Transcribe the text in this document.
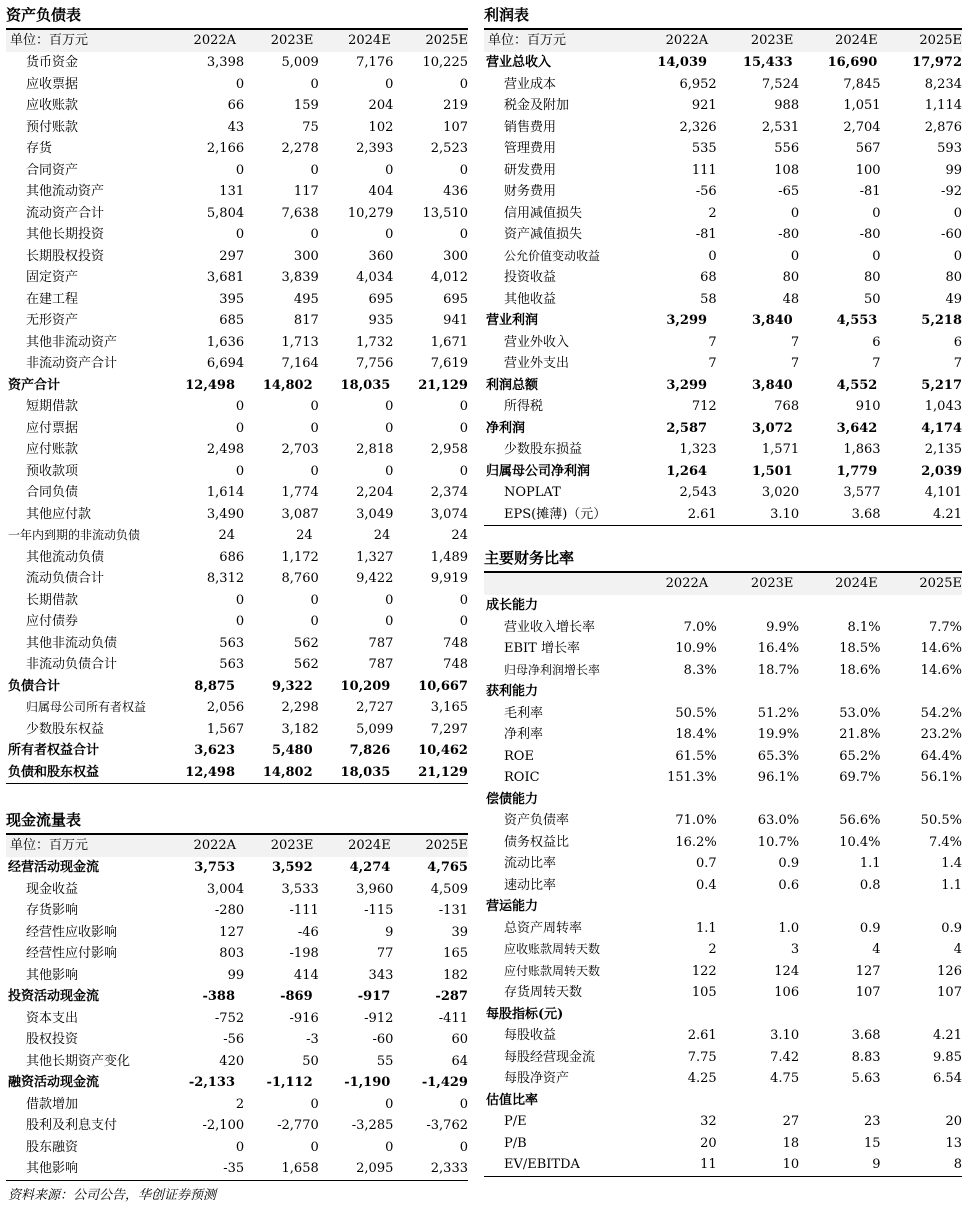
资产负债表
单位：百万元	2022A	2023E	2024E	2025E
货币资金	3,398	5,009	7,176	10,225
应收票据	0	0	0	0
应收账款	66	159	204	219
预付账款	43	75	102	107
存货	2,166	2,278	2,393	2,523
合同资产	0	0	0	0
其他流动资产	131	117	404	436
流动资产合计	5,804	7,638	10,279	13,510
其他长期投资	0	0	0	0
长期股权投资	297	300	360	300
固定资产	3,681	3,839	4,034	4,012
在建工程	395	495	695	695
无形资产	685	817	935	941
其他非流动资产	1,636	1,713	1,732	1,671
非流动资产合计	6,694	7,164	7,756	7,619
资产合计	12,498	14,802	18,035	21,129
短期借款	0	0	0	0
应付票据	0	0	0	0
应付账款	2,498	2,703	2,818	2,958
预收款项	0	0	0	0
合同负债	1,614	1,774	2,204	2,374
其他应付款	3,490	3,087	3,049	3,074
一年内到期的非流动负债	24	24	24	24
其他流动负债	686	1,172	1,327	1,489
流动负债合计	8,312	8,760	9,422	9,919
长期借款	0	0	0	0
应付债券	0	0	0	0
其他非流动负债	563	562	787	748
非流动负债合计	563	562	787	748
负债合计	8,875	9,322	10,209	10,667
归属母公司所有者权益	2,056	2,298	2,727	3,165
少数股东权益	1,567	3,182	5,099	7,297
所有者权益合计	3,623	5,480	7,826	10,462
负债和股东权益	12,498	14,802	18,035	21,129
现金流量表
单位：百万元	2022A	2023E	2024E	2025E
经营活动现金流	3,753	3,592	4,274	4,765
现金收益	3,004	3,533	3,960	4,509
存货影响	-280	-111	-115	-131
经营性应收影响	127	-46	9	39
经营性应付影响	803	-198	77	165
其他影响	99	414	343	182
投资活动现金流	-388	-869	-917	-287
资本支出	-752	-916	-912	-411
股权投资	-56	-3	-60	60
其他长期资产变化	420	50	55	64
融资活动现金流	-2,133	-1,112	-1,190	-1,429
借款增加	2	0	0	0
股利及利息支付	-2,100	-2,770	-3,285	-3,762
股东融资	0	0	0	0
其他影响	-35	1,658	2,095	2,333
利润表
单位：百万元	2022A	2023E	2024E	2025E
营业总收入	14,039	15,433	16,690	17,972
营业成本	6,952	7,524	7,845	8,234
税金及附加	921	988	1,051	1,114
销售费用	2,326	2,531	2,704	2,876
管理费用	535	556	567	593
研发费用	111	108	100	99
财务费用	-56	-65	-81	-92
信用减值损失	2	0	0	0
资产减值损失	-81	-80	-80	-60
公允价值变动收益	0	0	0	0
投资收益	68	80	80	80
其他收益	58	48	50	49
营业利润	3,299	3,840	4,553	5,218
营业外收入	7	7	6	6
营业外支出	7	7	7	7
利润总额	3,299	3,840	4,552	5,217
所得税	712	768	910	1,043
净利润	2,587	3,072	3,642	4,174
少数股东损益	1,323	1,571	1,863	2,135
归属母公司净利润	1,264	1,501	1,779	2,039
NOPLAT	2,543	3,020	3,577	4,101
EPS(摊薄)（元）	2.61	3.10	3.68	4.21
主要财务比率
2022A	2023E	2024E	2025E
成长能力
营业收入增长率	7.0%	9.9%	8.1%	7.7%
EBIT 增长率	10.9%	16.4%	18.5%	14.6%
归母净利润增长率	8.3%	18.7%	18.6%	14.6%
获利能力
毛利率	50.5%	51.2%	53.0%	54.2%
净利率	18.4%	19.9%	21.8%	23.2%
ROE	61.5%	65.3%	65.2%	64.4%
ROIC	151.3%	96.1%	69.7%	56.1%
偿债能力
资产负债率	71.0%	63.0%	56.6%	50.5%
债务权益比	16.2%	10.7%	10.4%	7.4%
流动比率	0.7	0.9	1.1	1.4
速动比率	0.4	0.6	0.8	1.1
营运能力
总资产周转率	1.1	1.0	0.9	0.9
应收账款周转天数	2	3	4	4
应付账款周转天数	122	124	127	126
存货周转天数	105	106	107	107
每股指标(元)
每股收益	2.61	3.10	3.68	4.21
每股经营现金流	7.75	7.42	8.83	9.85
每股净资产	4.25	4.75	5.63	6.54
估值比率
P/E	32	27	23	20
P/B	20	18	15	13
EV/EBITDA	11	10	9	8
资料来源：公司公告，华创证券预测
